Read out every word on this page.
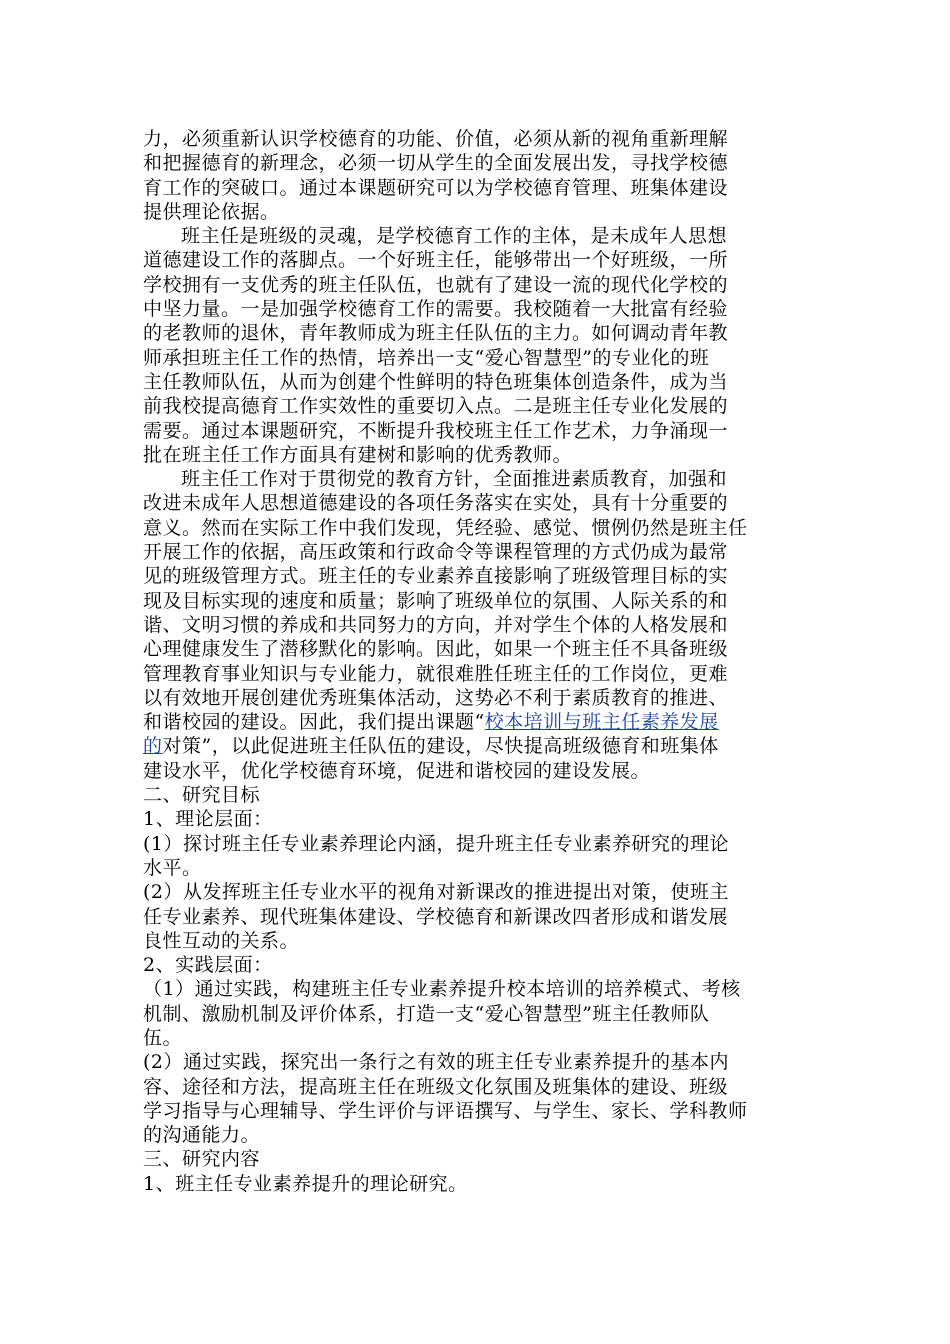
力，必须重新认识学校德育的功能、价值，必须从新的视角重新理解
和把握德育的新理念，必须一切从学生的全面发展出发，寻找学校德
育工作的突破口。通过本课题研究可以为学校德育管理、班集体建设
提供理论依据。
班主任是班级的灵魂，是学校德育工作的主体，是未成年人思想
道德建设工作的落脚点。一个好班主任，能够带出一个好班级，一所
学校拥有一支优秀的班主任队伍，也就有了建设一流的现代化学校的
中坚力量。一是加强学校德育工作的需要。我校随着一大批富有经验
的老教师的退休，青年教师成为班主任队伍的主力。如何调动青年教
师承担班主任工作的热情，培养出一支“爱心智慧型”的专业化的班
主任教师队伍，从而为创建个性鲜明的特色班集体创造条件，成为当
前我校提高德育工作实效性的重要切入点。二是班主任专业化发展的
需要。通过本课题研究，不断提升我校班主任工作艺术，力争涌现一
批在班主任工作方面具有建树和影响的优秀教师。
班主任工作对于贯彻党的教育方针，全面推进素质教育，加强和
改进未成年人思想道德建设的各项任务落实在实处，具有十分重要的
意义。然而在实际工作中我们发现，凭经验、感觉、惯例仍然是班主任
开展工作的依据，高压政策和行政命令等课程管理的方式仍成为最常
见的班级管理方式。班主任的专业素养直接影响了班级管理目标的实
现及目标实现的速度和质量；影响了班级单位的氛围、人际关系的和
谐、文明习惯的养成和共同努力的方向，并对学生个体的人格发展和
心理健康发生了潜移默化的影响。因此，如果一个班主任不具备班级
管理教育事业知识与专业能力，就很难胜任班主任的工作岗位，更难
以有效地开展创建优秀班集体活动，这势必不利于素质教育的推进、
和谐校园的建设。因此，我们提出课题“校本培训与班主任素养发展
的对策”，以此促进班主任队伍的建设，尽快提高班级德育和班集体
建设水平，优化学校德育环境，促进和谐校园的建设发展。
二、研究目标
1、理论层面：
(1）探讨班主任专业素养理论内涵，提升班主任专业素养研究的理论
水平。
(2）从发挥班主任专业水平的视角对新课改的推进提出对策，使班主
任专业素养、现代班集体建设、学校德育和新课改四者形成和谐发展
良性互动的关系。
2、实践层面：
（1）通过实践，构建班主任专业素养提升校本培训的培养模式、考核
机制、激励机制及评价体系，打造一支“爱心智慧型”班主任教师队
伍。
(2）通过实践，探究出一条行之有效的班主任专业素养提升的基本内
容、途径和方法，提高班主任在班级文化氛围及班集体的建设、班级
学习指导与心理辅导、学生评价与评语撰写、与学生、家长、学科教师
的沟通能力。
三、研究内容
1、班主任专业素养提升的理论研究。
